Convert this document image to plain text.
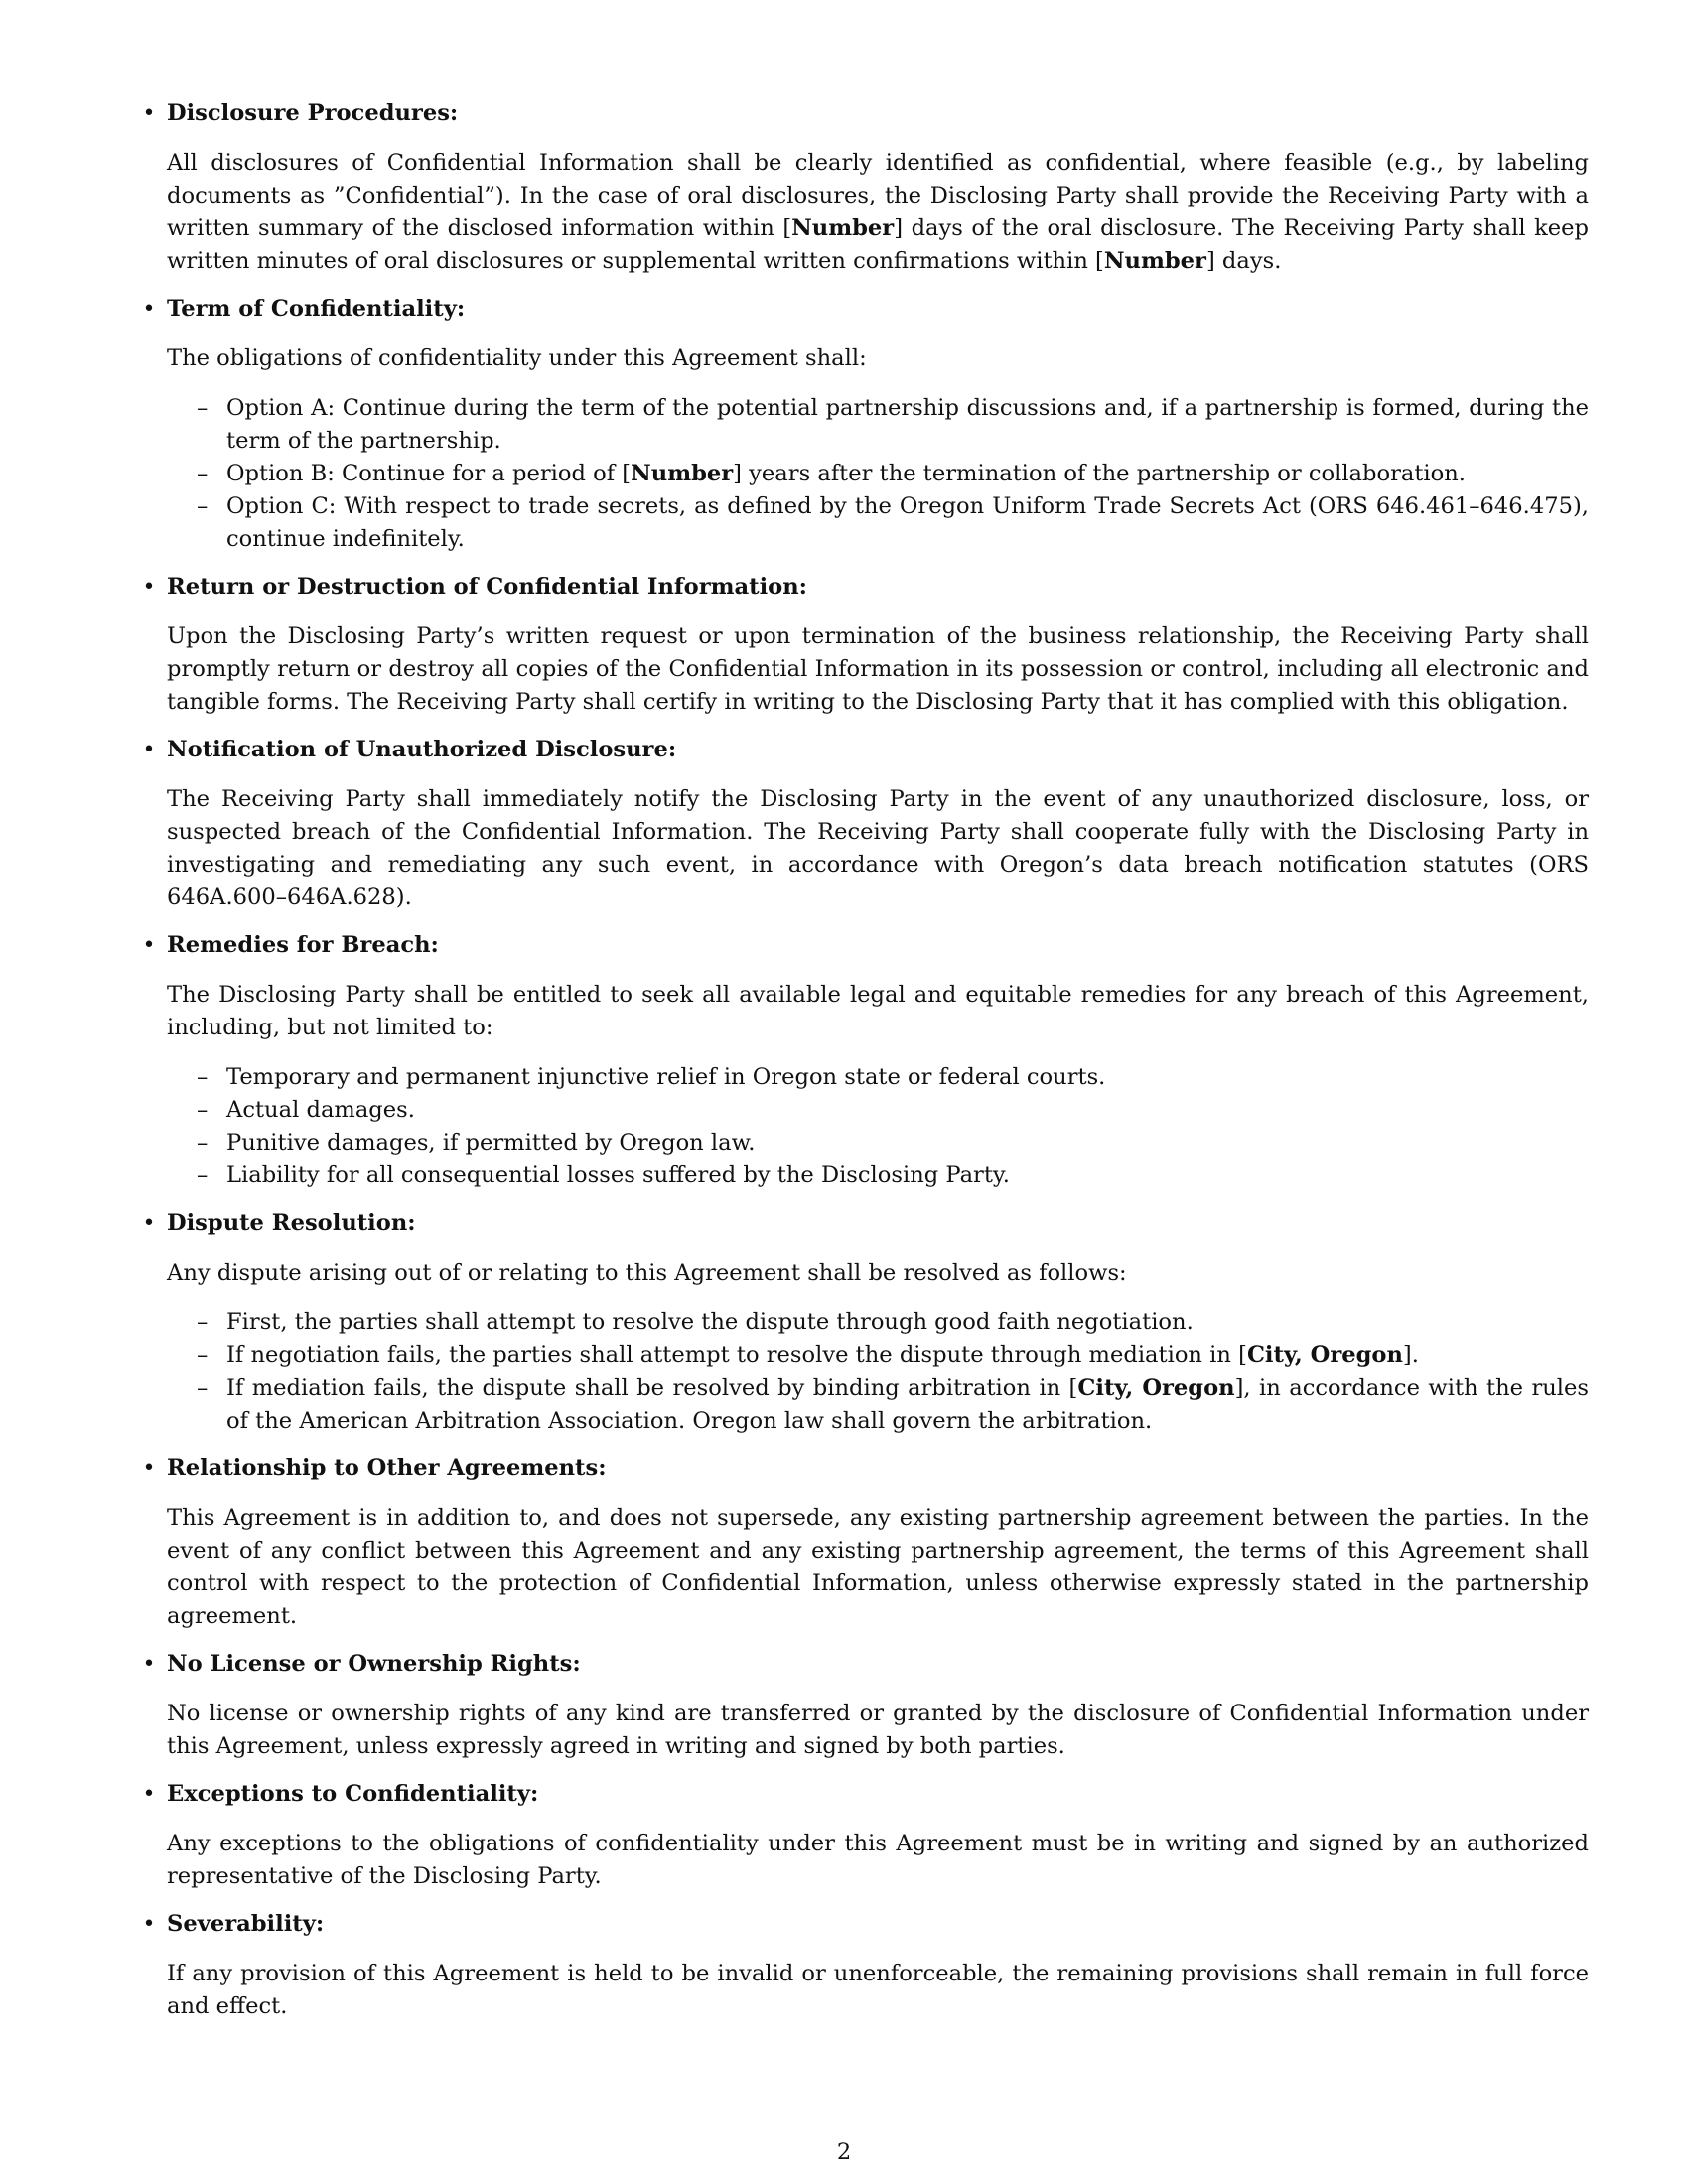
• Disclosure Procedures:

All disclosures of Confidential Information shall be clearly identified as confidential, where feasible (e.g., by labeling documents as ”Confidential”). In the case of oral disclosures, the Disclosing Party shall provide the Receiving Party with a written summary of the disclosed information within [Number] days of the oral disclosure. The Receiving Party shall keep written minutes of oral disclosures or supplemental written confirmations within [Number] days.

• Term of Confidentiality:

The obligations of confidentiality under this Agreement shall:

– Option A: Continue during the term of the potential partnership discussions and, if a partnership is formed, during the term of the partnership.
– Option B: Continue for a period of [Number] years after the termination of the partnership or collaboration.
– Option C: With respect to trade secrets, as defined by the Oregon Uniform Trade Secrets Act (ORS 646.461–646.475), continue indefinitely.
• Return or Destruction of Confidential Information:

Upon the Disclosing Party’s written request or upon termination of the business relationship, the Receiving Party shall promptly return or destroy all copies of the Confidential Information in its possession or control, including all electronic and tangible forms. The Receiving Party shall certify in writing to the Disclosing Party that it has complied with this obligation.

• Notification of Unauthorized Disclosure:

The Receiving Party shall immediately notify the Disclosing Party in the event of any unauthorized disclosure, loss, or suspected breach of the Confidential Information. The Receiving Party shall cooperate fully with the Disclosing Party in investigating and remediating any such event, in accordance with Oregon’s data breach notification statutes (ORS 646A.600–646A.628).

• Remedies for Breach:

The Disclosing Party shall be entitled to seek all available legal and equitable remedies for any breach of this Agreement, including, but not limited to:

– Temporary and permanent injunctive relief in Oregon state or federal courts.
– Actual damages.
– Punitive damages, if permitted by Oregon law.
– Liability for all consequential losses suffered by the Disclosing Party.
• Dispute Resolution:

Any dispute arising out of or relating to this Agreement shall be resolved as follows:

– First, the parties shall attempt to resolve the dispute through good faith negotiation.
– If negotiation fails, the parties shall attempt to resolve the dispute through mediation in [City, Oregon].
– If mediation fails, the dispute shall be resolved by binding arbitration in [City, Oregon], in accordance with the rules of the American Arbitration Association. Oregon law shall govern the arbitration.
• Relationship to Other Agreements:

This Agreement is in addition to, and does not supersede, any existing partnership agreement between the parties. In the event of any conflict between this Agreement and any existing partnership agreement, the terms of this Agreement shall control with respect to the protection of Confidential Information, unless otherwise expressly stated in the partnership agreement.

• No License or Ownership Rights:

No license or ownership rights of any kind are transferred or granted by the disclosure of Confidential Information under this Agreement, unless expressly agreed in writing and signed by both parties.

• Exceptions to Confidentiality:

Any exceptions to the obligations of confidentiality under this Agreement must be in writing and signed by an authorized representative of the Disclosing Party.

• Severability:

If any provision of this Agreement is held to be invalid or unenforceable, the remaining provisions shall remain in full force and effect.

2
